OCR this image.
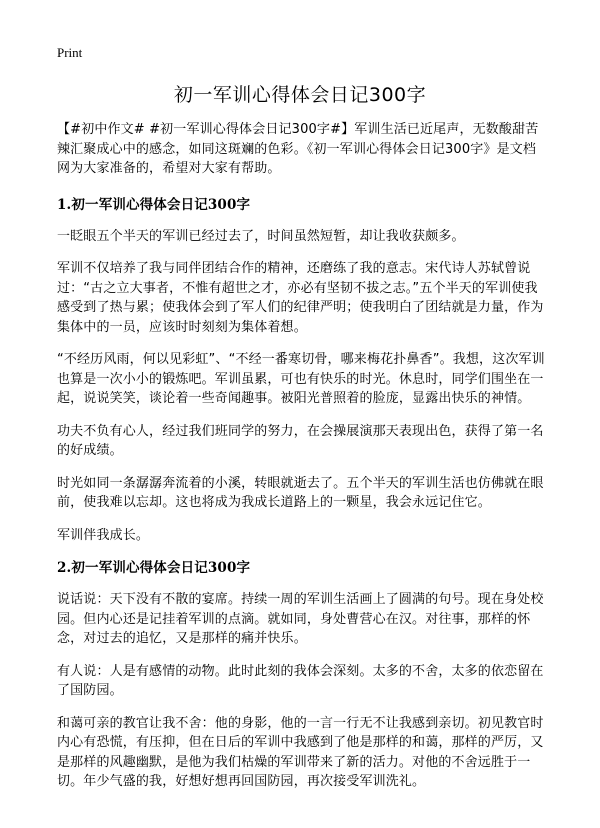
Print
初一军训心得体会日记300字

【#初中作文# #初一军训心得体会日记300字#】军训生活已近尾声，无数酸甜苦辣汇聚成心中的感念，如同这斑斓的色彩。《初一军训心得体会日记300字》是文档网为大家准备的，希望对大家有帮助。

1.初一军训心得体会日记300字

一眨眼五个半天的军训已经过去了，时间虽然短暂，却让我收获颇多。

军训不仅培养了我与同伴团结合作的精神，还磨练了我的意志。宋代诗人苏轼曾说过：“古之立大事者，不惟有超世之才，亦必有坚韧不拔之志。”五个半天的军训使我感受到了热与累；使我体会到了军人们的纪律严明；使我明白了团结就是力量，作为集体中的一员，应该时时刻刻为集体着想。

“不经历风雨，何以见彩虹”、“不经一番寒切骨，哪来梅花扑鼻香”。我想，这次军训也算是一次小小的锻炼吧。军训虽累，可也有快乐的时光。休息时，同学们围坐在一起，说说笑笑，谈论着一些奇闻趣事。被阳光普照着的脸庞，显露出快乐的神情。

功夫不负有心人，经过我们班同学的努力，在会操展演那天表现出色，获得了第一名的好成绩。

时光如同一条潺潺奔流着的小溪，转眼就逝去了。五个半天的军训生活也仿佛就在眼前，使我难以忘却。这也将成为我成长道路上的一颗星，我会永远记住它。

军训伴我成长。

2.初一军训心得体会日记300字

说话说：天下没有不散的宴席。持续一周的军训生活画上了圆满的句号。现在身处校园。但内心还是记挂着军训的点滴。就如同，身处曹营心在汉。对往事，那样的怀念，对过去的追忆，又是那样的痛并快乐。

有人说：人是有感情的动物。此时此刻的我体会深刻。太多的不舍，太多的依恋留在了国防园。

和蔼可亲的教官让我不舍：他的身影，他的一言一行无不让我感到亲切。初见教官时内心有恐慌，有压抑，但在日后的军训中我感到了他是那样的和蔼，那样的严厉，又是那样的风趣幽默，是他为我们枯燥的军训带来了新的活力。对他的不舍远胜于一切。年少气盛的我，好想好想再回国防园，再次接受军训洗礼。
